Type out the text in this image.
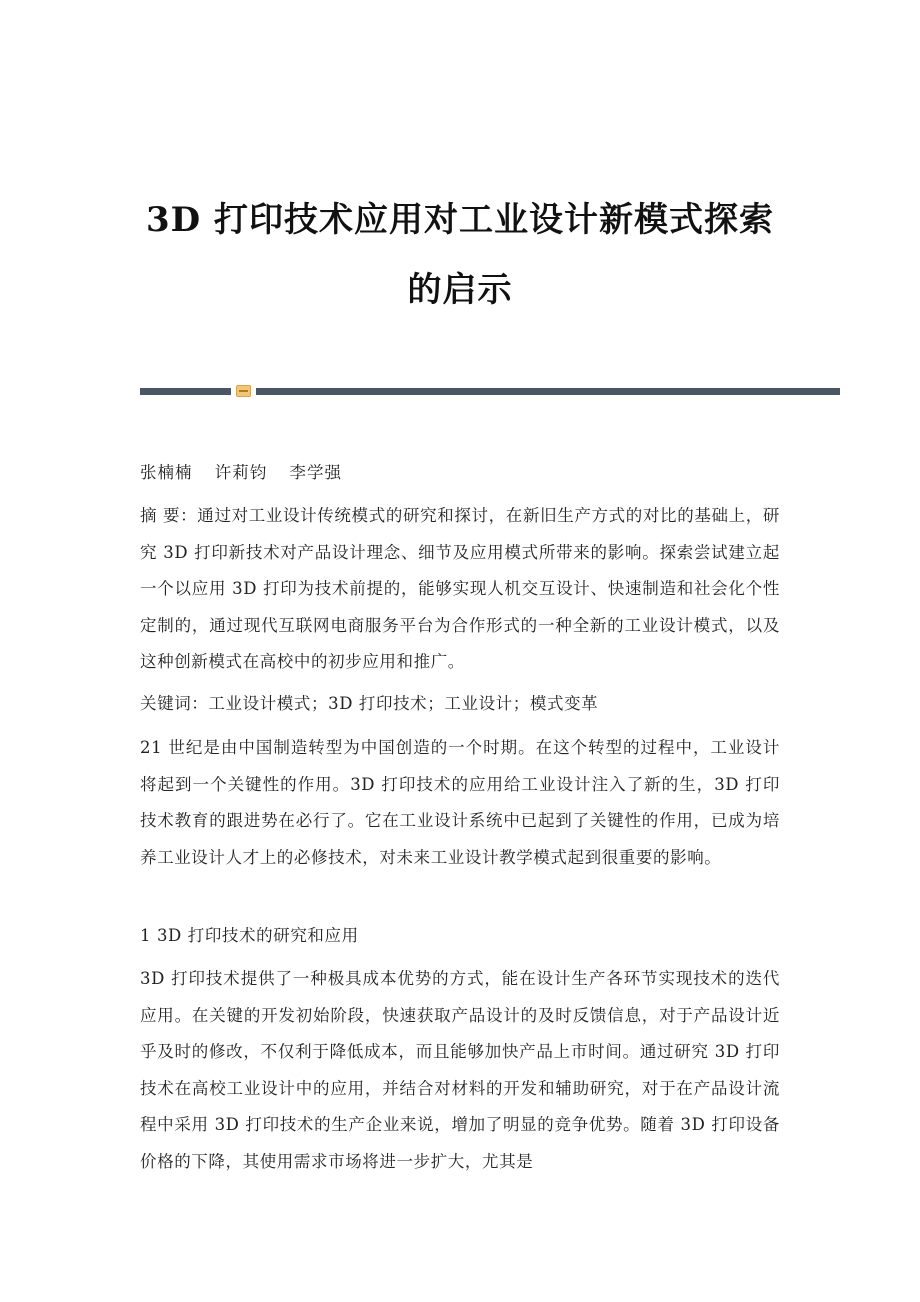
3D 打印技术应用对工业设计新模式探索
的启示
张楠楠 许莉钧 李学强
摘 要：通过对工业设计传统模式的研究和探讨，在新旧生产方式的对比的基础上，研究 3D 打印新技术对产品设计理念、细节及应用模式所带来的影响。探索尝试建立起一个以应用 3D 打印为技术前提的，能够实现人机交互设计、快速制造和社会化个性定制的，通过现代互联网电商服务平台为合作形式的一种全新的工业设计模式，以及这种创新模式在高校中的初步应用和推广。
关键词：工业设计模式；3D 打印技术；工业设计；模式变革
21 世纪是由中国制造转型为中国创造的一个时期。在这个转型的过程中，工业设计将起到一个关键性的作用。3D 打印技术的应用给工业设计注入了新的生，3D 打印技术教育的跟进势在必行了。它在工业设计系统中已起到了关键性的作用，已成为培养工业设计人才上的必修技术，对未来工业设计教学模式起到很重要的影响。
1 3D 打印技术的研究和应用
3D 打印技术提供了一种极具成本优势的方式，能在设计生产各环节实现技术的迭代应用。在关键的开发初始阶段，快速获取产品设计的及时反馈信息，对于产品设计近乎及时的修改，不仅利于降低成本，而且能够加快产品上市时间。通过研究 3D 打印技术在高校工业设计中的应用，并结合对材料的开发和辅助研究，对于在产品设计流程中采用 3D 打印技术的生产企业来说，增加了明显的竞争优势。随着 3D 打印设备价格的下降，其使用需求市场将进一步扩大，尤其是
